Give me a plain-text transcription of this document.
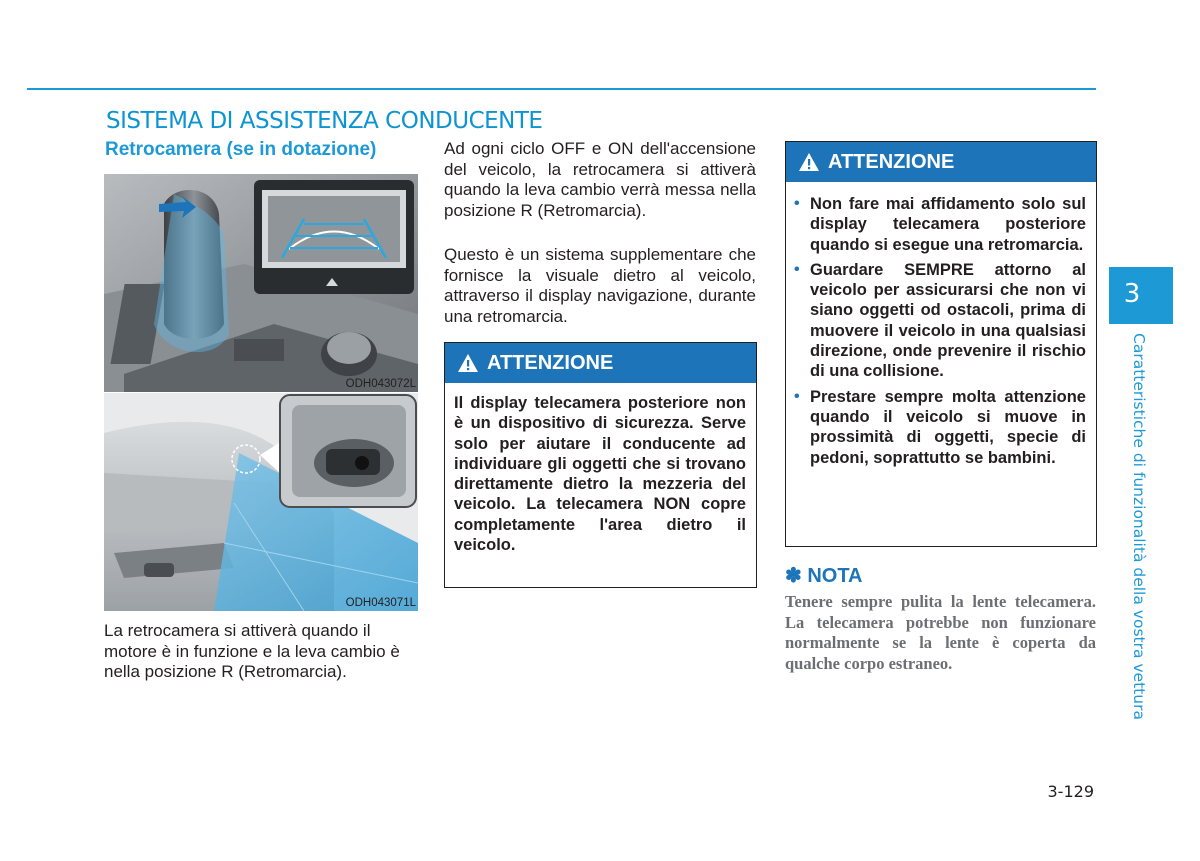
SISTEMA DI ASSISTENZA CONDUCENTE
Retrocamera (se in dotazione)
ODH043072L
ODH043071L

La retrocamera si attiverà quando il motore è in funzione e la leva cambio è nella posizione R (Retromarcia).

Ad ogni ciclo OFF e ON dell'accensione del veicolo, la retrocamera si attiverà quando la leva cambio verrà messa nella posizione R (Retromarcia).

Questo è un sistema supplementare che fornisce la visuale dietro al veicolo, attraverso il display navigazione, durante una retromarcia.

ATTENZIONE

Il display telecamera posteriore non è un dispositivo di sicurezza. Serve solo per aiutare il conducente ad individuare gli oggetti che si trovano direttamente dietro la mezzeria del veicolo. La telecamera NON copre completamente l'area dietro il veicolo.

ATTENZIONE
• Non fare mai affidamento solo sul display telecamera posteriore quando si esegue una retromarcia.
• Guardare SEMPRE attorno al veicolo per assicurarsi che non vi siano oggetti od ostacoli, prima di muovere il veicolo in una qualsiasi direzione, onde prevenire il rischio di una collisione.
• Prestare sempre molta attenzione quando il veicolo si muove in prossimità di oggetti, specie di pedoni, soprattutto se bambini.
✽ NOTA

Tenere sempre pulita la lente telecamera. La telecamera potrebbe non funzionare normalmente se la lente è coperta da qualche corpo estraneo.

3
Caratteristiche di funzionalità della vostra vettura
3-129
